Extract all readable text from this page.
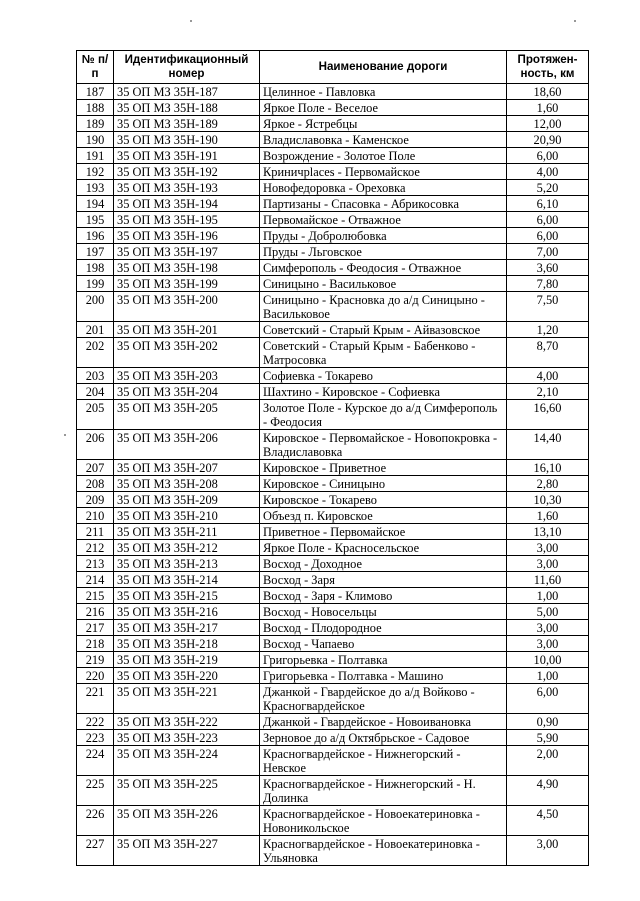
№ п/п	Идентификационный номер	Наименование дороги	Протяжен- ность, км
187	35 ОП МЗ 35Н-187	Целинное - Павловка	18,60
188	35 ОП МЗ 35Н-188	Яркое Поле - Веселое	1,60
189	35 ОП МЗ 35Н-189	Яркое - Ястребцы	12,00
190	35 ОП МЗ 35Н-190	Владиславовка - Каменское	20,90
191	35 ОП МЗ 35Н-191	Возрождение - Золотое Поле	6,00
192	35 ОП МЗ 35Н-192	Криничplaces - Первомайское	4,00
193	35 ОП МЗ 35Н-193	Новофедоровка - Ореховка	5,20
194	35 ОП МЗ 35Н-194	Партизаны - Спасовка - Абрикосовка	6,10
195	35 ОП МЗ 35Н-195	Первомайское - Отважное	6,00
196	35 ОП МЗ 35Н-196	Пруды - Добролюбовка	6,00
197	35 ОП МЗ 35Н-197	Пруды - Льговское	7,00
198	35 ОП МЗ 35Н-198	Симферополь - Феодосия - Отважное	3,60
199	35 ОП МЗ 35Н-199	Синицыно - Васильковое	7,80
200	35 ОП МЗ 35Н-200	Синицыно - Красновка до а/д Синицыно - Васильковое	7,50
201	35 ОП МЗ 35Н-201	Советский - Старый Крым - Айвазовское	1,20
202	35 ОП МЗ 35Н-202	Советский - Старый Крым - Бабенково - Матросовка	8,70
203	35 ОП МЗ 35Н-203	Софиевка - Токарево	4,00
204	35 ОП МЗ 35Н-204	Шахтино - Кировское - Софиевка	2,10
205	35 ОП МЗ 35Н-205	Золотое Поле - Курское до а/д Симферополь - Феодосия	16,60
206	35 ОП МЗ 35Н-206	Кировское - Первомайское - Новопокровка - Владиславовка	14,40
207	35 ОП МЗ 35Н-207	Кировское - Приветное	16,10
208	35 ОП МЗ 35Н-208	Кировское - Синицыно	2,80
209	35 ОП МЗ 35Н-209	Кировское - Токарево	10,30
210	35 ОП МЗ 35Н-210	Объезд п. Кировское	1,60
211	35 ОП МЗ 35Н-211	Приветное - Первомайское	13,10
212	35 ОП МЗ 35Н-212	Яркое Поле - Красносельское	3,00
213	35 ОП МЗ 35Н-213	Восход - Доходное	3,00
214	35 ОП МЗ 35Н-214	Восход - Заря	11,60
215	35 ОП МЗ 35Н-215	Восход - Заря - Климово	1,00
216	35 ОП МЗ 35Н-216	Восход - Новосельцы	5,00
217	35 ОП МЗ 35Н-217	Восход - Плодородное	3,00
218	35 ОП МЗ 35Н-218	Восход - Чапаево	3,00
219	35 ОП МЗ 35Н-219	Григорьевка - Полтавка	10,00
220	35 ОП МЗ 35Н-220	Григорьевка - Полтавка - Машино	1,00
221	35 ОП МЗ 35Н-221	Джанкой - Гвардейское до а/д Войково - Красногвардейское	6,00
222	35 ОП МЗ 35Н-222	Джанкой - Гвардейское - Новоивановка	0,90
223	35 ОП МЗ 35Н-223	Зерновое до а/д Октябрьское - Садовое	5,90
224	35 ОП МЗ 35Н-224	Красногвардейское - Нижнегорский - Невское	2,00
225	35 ОП МЗ 35Н-225	Красногвардейское - Нижнегорский - Н. Долинка	4,90
226	35 ОП МЗ 35Н-226	Красногвардейское - Новоекатериновка - Новоникольское	4,50
227	35 ОП МЗ 35Н-227	Красногвардейское - Новоекатериновка - Ульяновка	3,00
